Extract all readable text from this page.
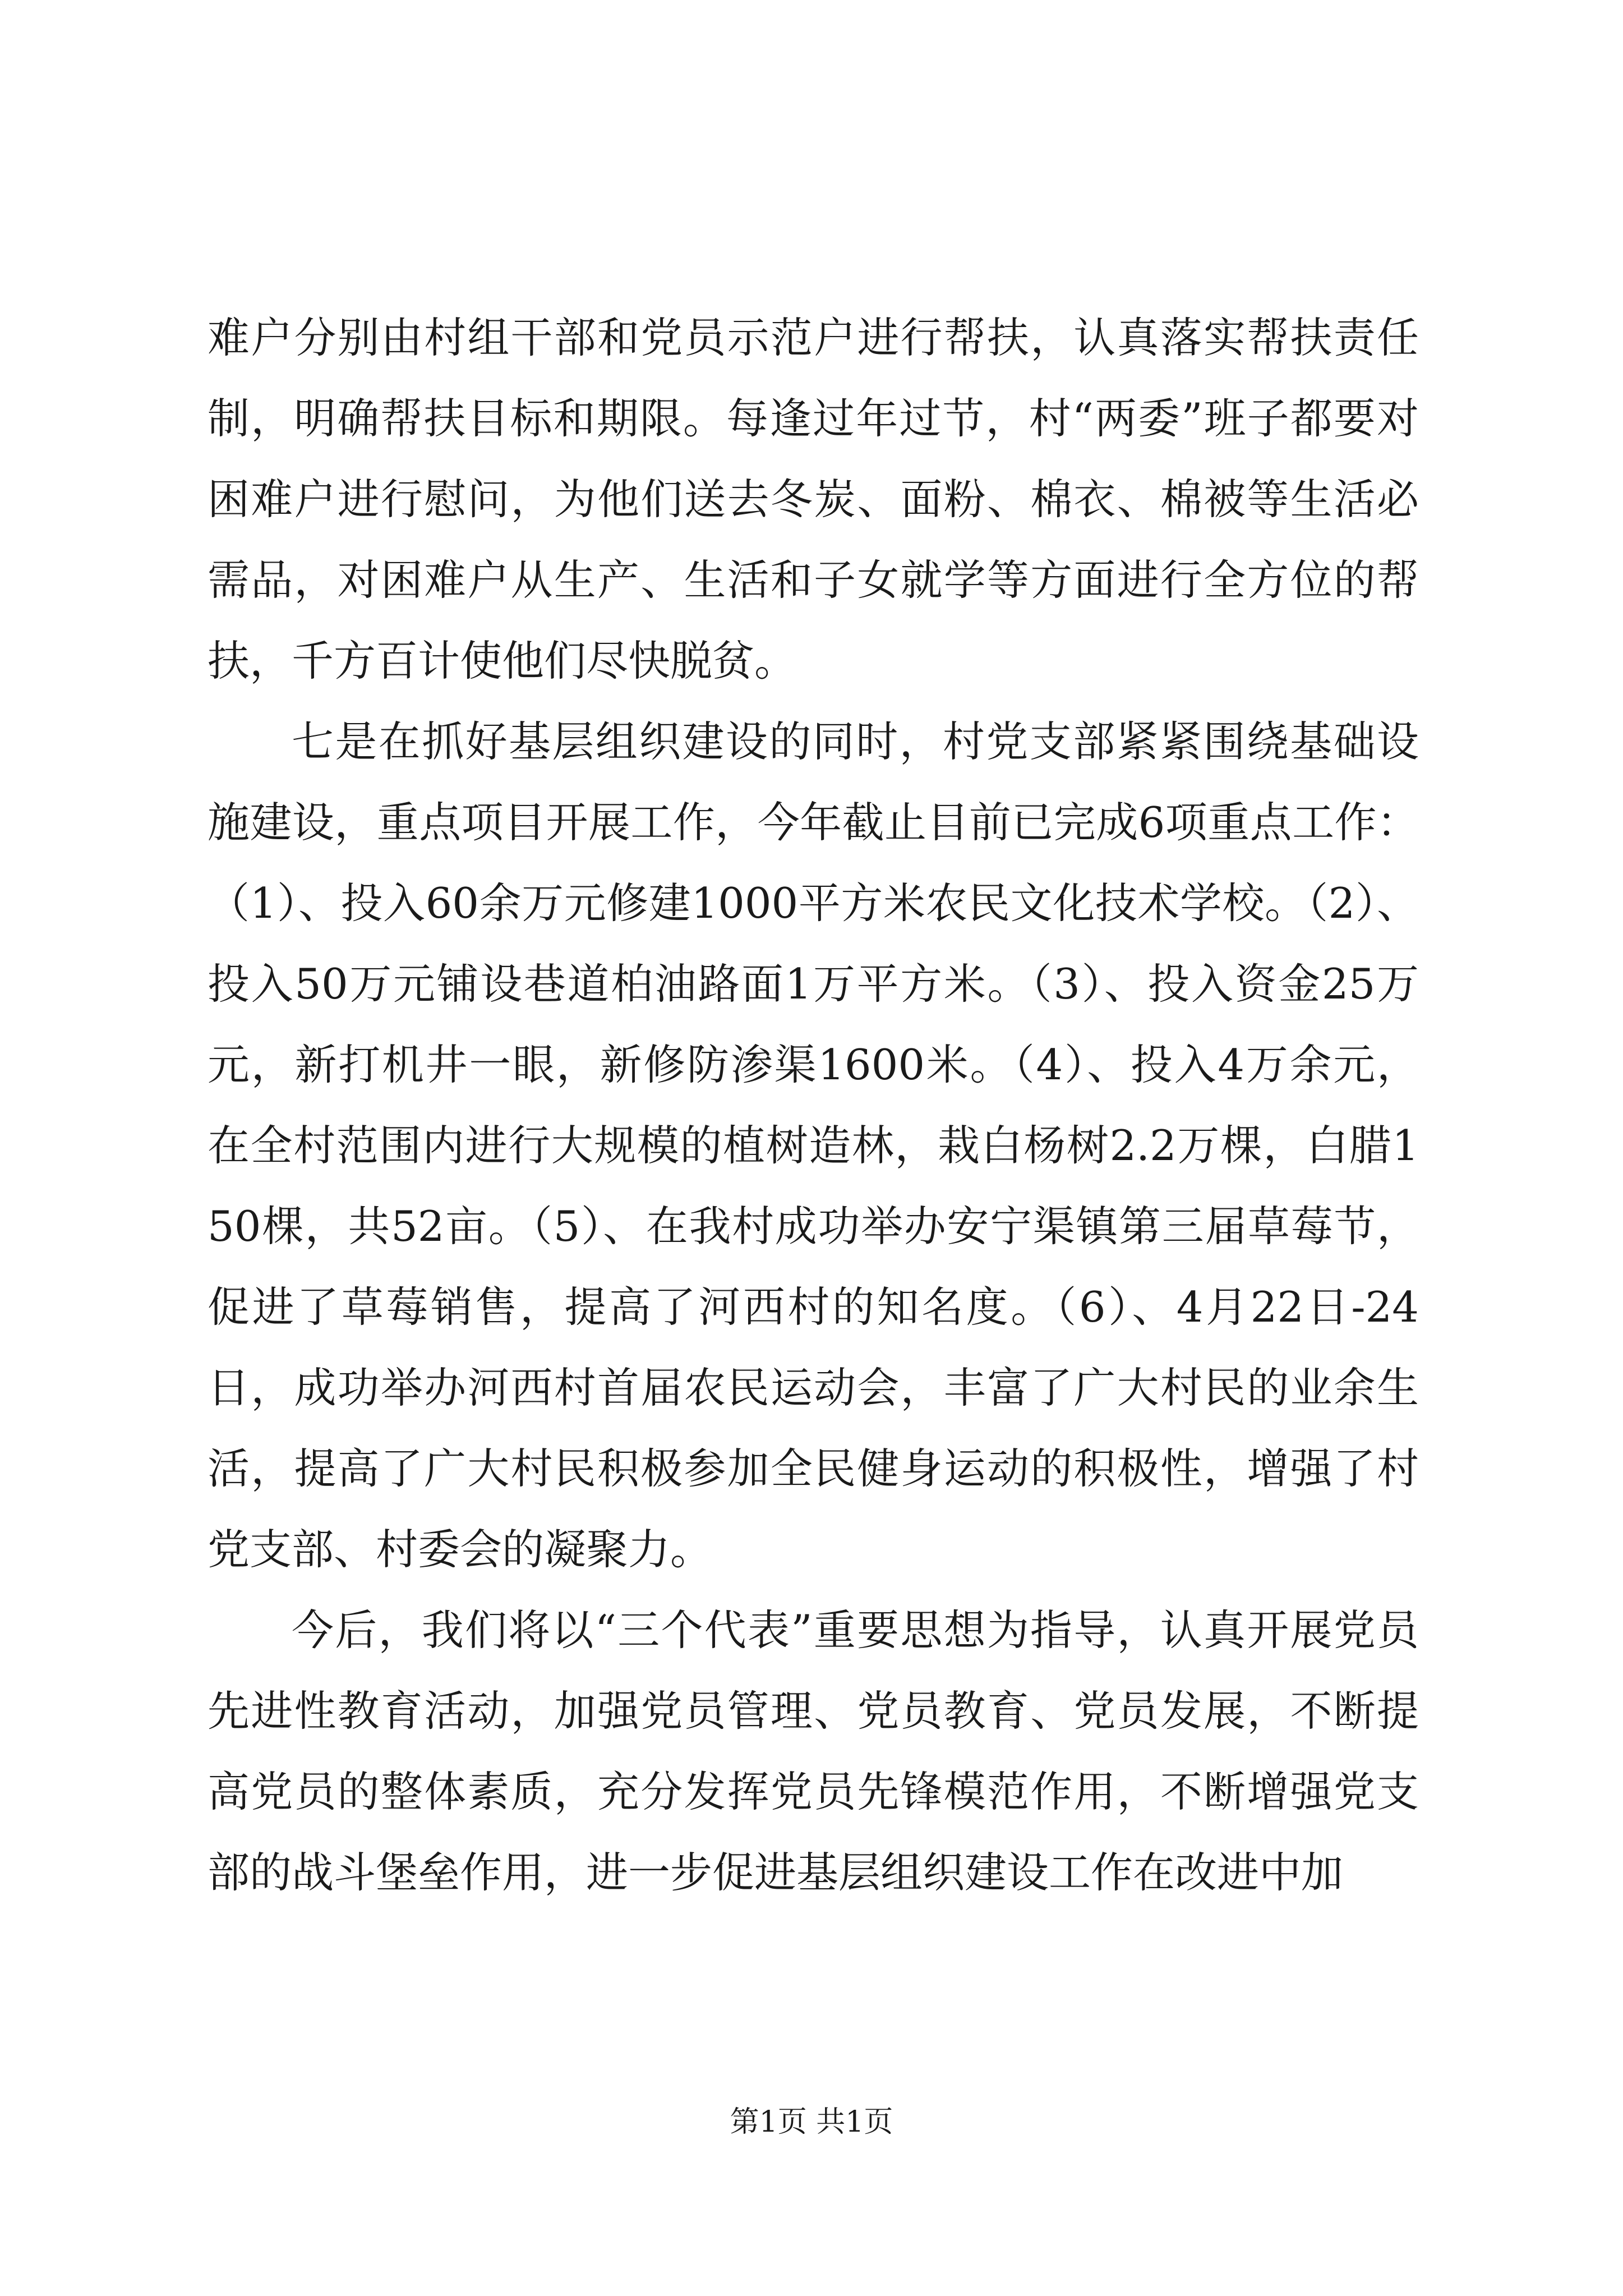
难户分别由村组干部和党员示范户进行帮扶，认真落实帮扶责任制，明确帮扶目标和期限。每逢过年过节，村“两委”班子都要对困难户进行慰问，为他们送去冬炭、面粉、棉衣、棉被等生活必需品，对困难户从生产、生活和子女就学等方面进行全方位的帮扶，千方百计使他们尽快脱贫。

七是在抓好基层组织建设的同时，村党支部紧紧围绕基础设施建设，重点项目开展工作，今年截止目前已完成6项重点工作：（1）、投入60余万元修建1000平方米农民文化技术学校。（2）、投入50万元铺设巷道柏油路面1万平方米。（3）、投入资金25万元，新打机井一眼，新修防渗渠1600米。（4）、投入4万余元，在全村范围内进行大规模的植树造林，栽白杨树2.2万棵，白腊150棵，共52亩。（5）、在我村成功举办安宁渠镇第三届草莓节，促进了草莓销售，提高了河西村的知名度。（6）、4月22日-24日，成功举办河西村首届农民运动会，丰富了广大村民的业余生活，提高了广大村民积极参加全民健身运动的积极性，增强了村党支部、村委会的凝聚力。

今后，我们将以“三个代表”重要思想为指导，认真开展党员先进性教育活动，加强党员管理、党员教育、党员发展，不断提高党员的整体素质，充分发挥党员先锋模范作用，不断增强党支部的战斗堡垒作用，进一步促进基层组织建设工作在改进中加

第1页 共1页
